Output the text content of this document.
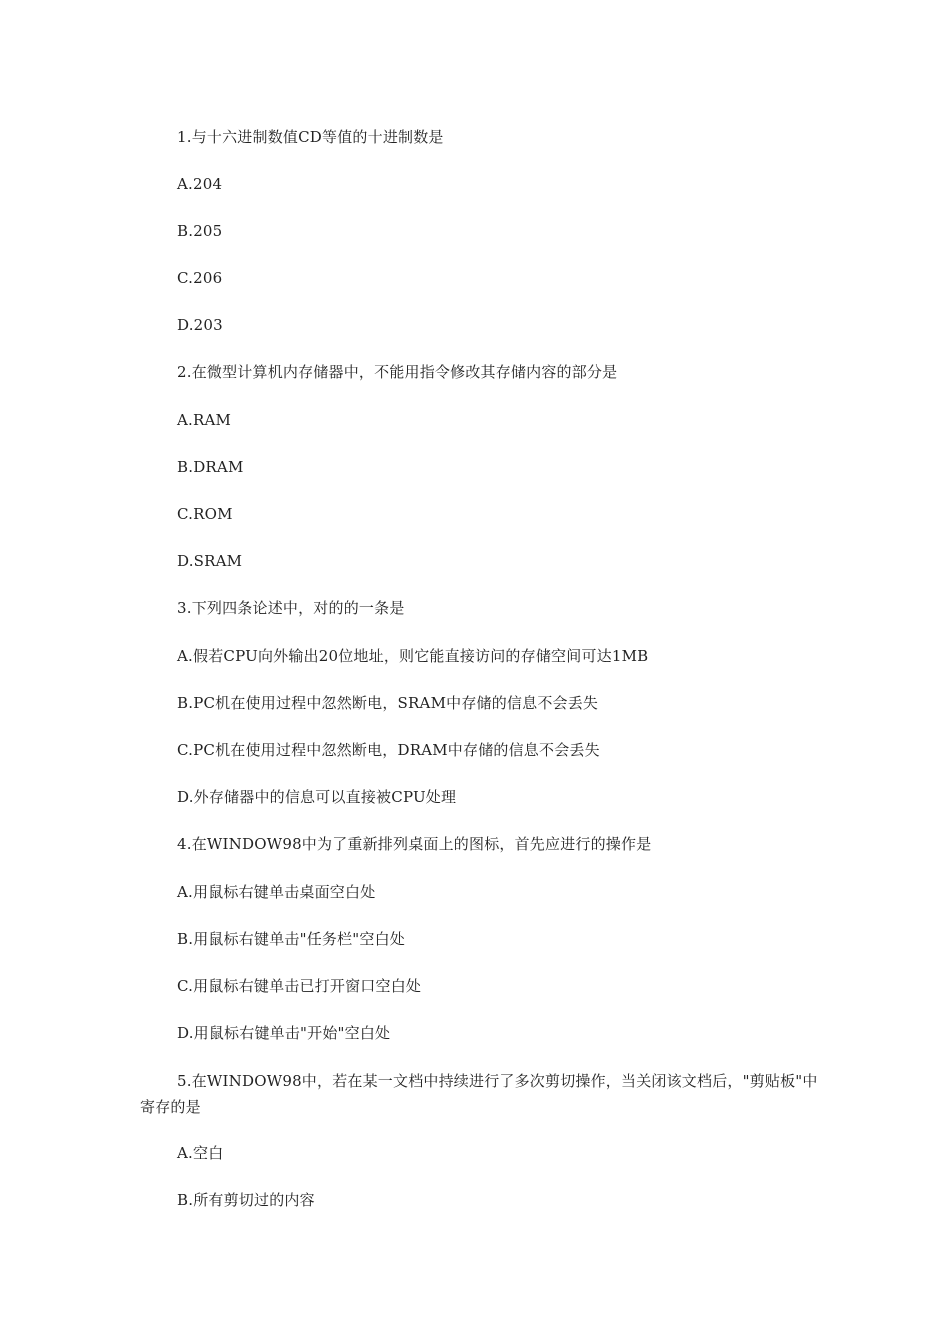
1.与十六进制数值CD等值的十进制数是
A.204
B.205
C.206
D.203
2.在微型计算机内存储器中，不能用指令修改其存储内容的部分是
A.RAM
B.DRAM
C.ROM
D.SRAM
3.下列四条论述中，对的的一条是
A.假若CPU向外输出20位地址，则它能直接访问的存储空间可达1MB
B.PC机在使用过程中忽然断电，SRAM中存储的信息不会丢失
C.PC机在使用过程中忽然断电，DRAM中存储的信息不会丢失
D.外存储器中的信息可以直接被CPU处理
4.在WINDOW98中为了重新排列桌面上的图标，首先应进行的操作是
A.用鼠标右键单击桌面空白处
B.用鼠标右键单击"任务栏"空白处
C.用鼠标右键单击已打开窗口空白处
D.用鼠标右键单击"开始"空白处
5.在WINDOW98中，若在某一文档中持续进行了多次剪切操作，当关闭该文档后，"剪贴板"中寄存的是
A.空白
B.所有剪切过的内容
